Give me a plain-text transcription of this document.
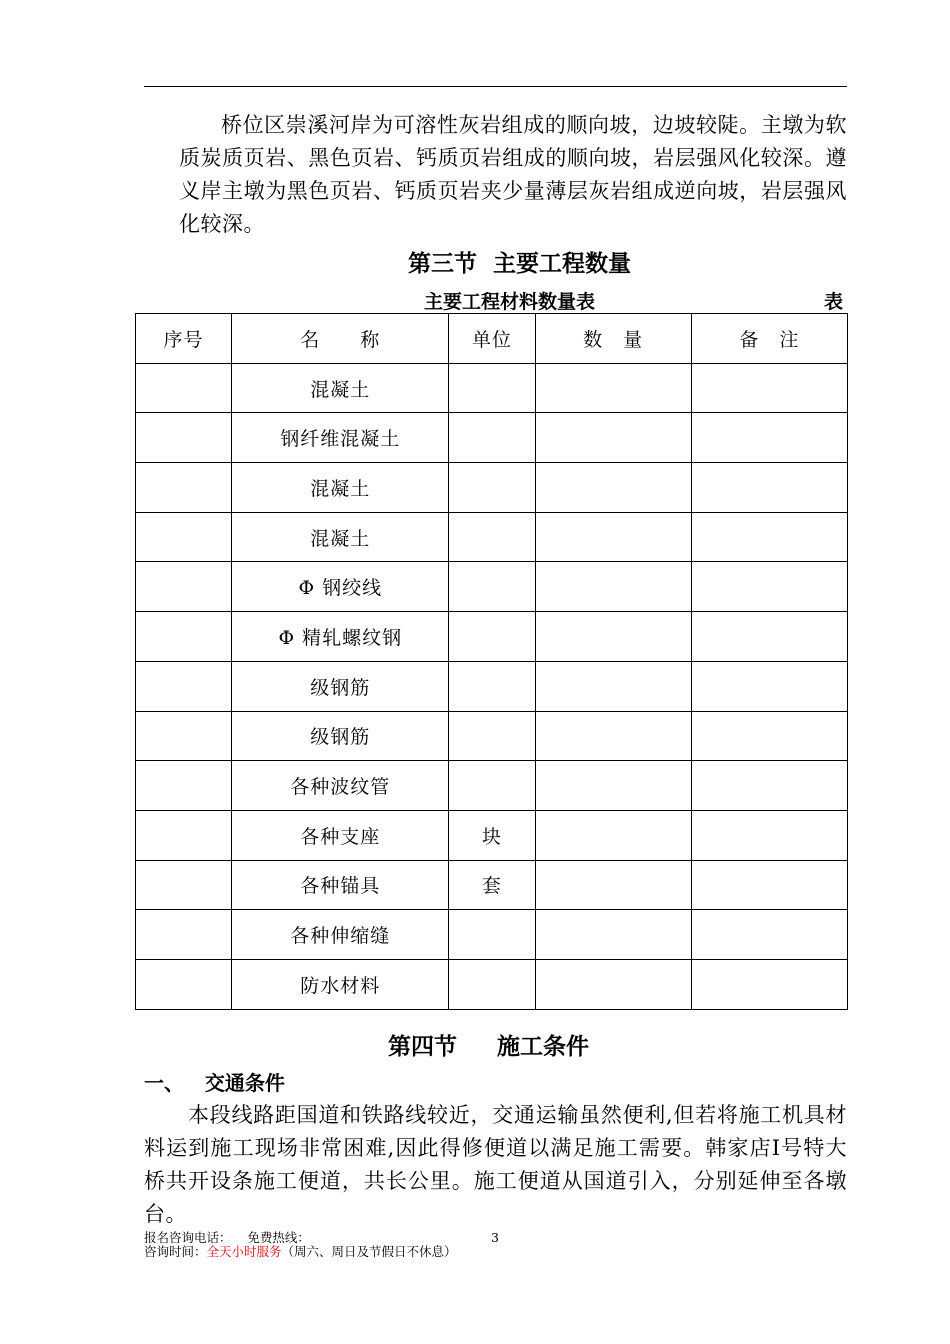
桥位区崇溪河岸为可溶性灰岩组成的顺向坡，边坡较陡。主墩为软质炭质页岩、黑色页岩、钙质页岩组成的顺向坡，岩层强风化较深。遵义岸主墩为黑色页岩、钙质页岩夹少量薄层灰岩组成逆向坡，岩层强风化较深。

第三节  主要工程数量
主要工程材料数量表	表
序号	名　　称	单位	数　量	备　注
	混凝土			
	钢纤维混凝土			
	混凝土			
	混凝土			
	Φ 钢绞线			
	Φ 精轧螺纹钢			
	级钢筋			
	级钢筋			
	各种波纹管			
	各种支座	块		
	各种锚具	套		
	各种伸缩缝			
	防水材料			
第四节     施工条件
一、   交通条件

本段线路距国道和铁路线较近，交通运输虽然便利,但若将施工机具材料运到施工现场非常困难,因此得修便道以满足施工需要。韩家店Ⅰ号特大桥共开设条施工便道，共长公里。施工便道从国道引入，分别延伸至各墩台。

报名咨询电话：    免费热线：	3
咨询时间：全天小时服务（周六、周日及节假日不休息）
